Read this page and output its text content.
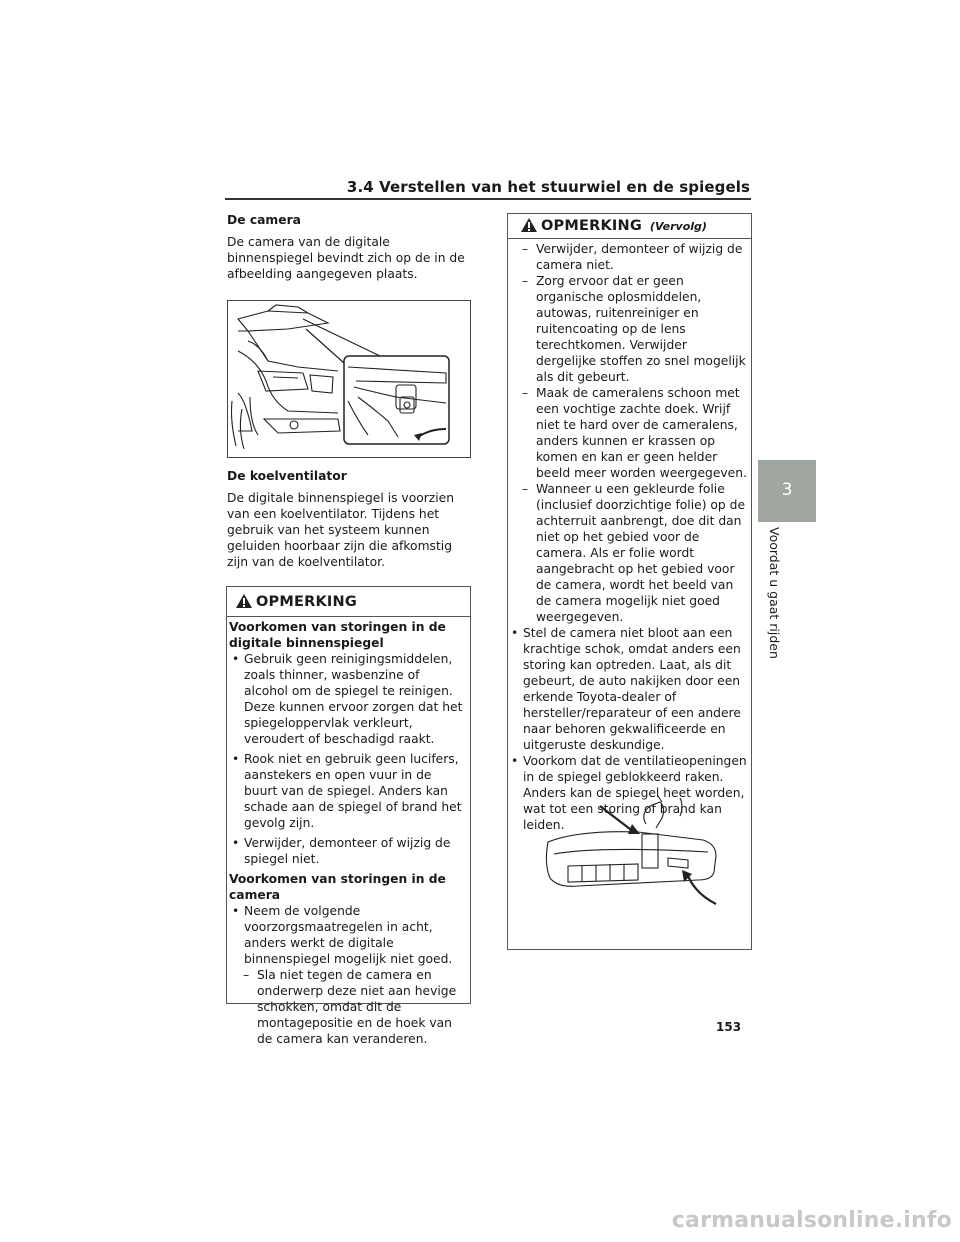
3.4 Verstellen van het stuurwiel en de spiegels

De camera

De camera van de digitale binnenspiegel bevindt zich op de in de afbeelding aangegeven plaats.

De koelventilator

De digitale binnenspiegel is voorzien van een koelventilator. Tijdens het gebruik van het systeem kunnen geluiden hoorbaar zijn die afkomstig zijn van de koelventilator.

OPMERKING

Voorkomen van storingen in de digitale binnenspiegel

• Gebruik geen reinigingsmiddelen, zoals thinner, wasbenzine of alcohol om de spiegel te reinigen. Deze kunnen ervoor zorgen dat het spiegeloppervlak verkleurt, veroudert of beschadigd raakt.
• Rook niet en gebruik geen lucifers, aanstekers en open vuur in de buurt van de spiegel. Anders kan schade aan de spiegel of brand het gevolg zijn.
• Verwijder, demonteer of wijzig de spiegel niet.

Voorkomen van storingen in de camera

• Neem de volgende voorzorgsmaatregelen in acht, anders werkt de digitale binnenspiegel mogelijk niet goed.
– Sla niet tegen de camera en onderwerp deze niet aan hevige schokken, omdat dit de montagepositie en de hoek van de camera kan veranderen.
OPMERKING (Vervolg)
– Verwijder, demonteer of wijzig de camera niet.
– Zorg ervoor dat er geen organische oplosmiddelen, autowas, ruitenreiniger en ruitencoating op de lens terechtkomen. Verwijder dergelijke stoffen zo snel mogelijk als dit gebeurt.
– Maak de cameralens schoon met een vochtige zachte doek. Wrijf niet te hard over de cameralens, anders kunnen er krassen op komen en kan er geen helder beeld meer worden weergegeven.
– Wanneer u een gekleurde folie (inclusief doorzichtige folie) op de achterruit aanbrengt, doe dit dan niet op het gebied voor de camera. Als er folie wordt aangebracht op het gebied voor de camera, wordt het beeld van de camera mogelijk niet goed weergegeven.
• Stel de camera niet bloot aan een krachtige schok, omdat anders een storing kan optreden. Laat, als dit gebeurt, de auto nakijken door een erkende Toyota-dealer of hersteller/reparateur of een andere naar behoren gekwalificeerde en uitgeruste deskundige.
• Voorkom dat de ventilatieopeningen in de spiegel geblokkeerd raken. Anders kan de spiegel heet worden, wat tot een storing of brand kan leiden.
3
Voordat u gaat rijden
153
carmanualsonline.info
